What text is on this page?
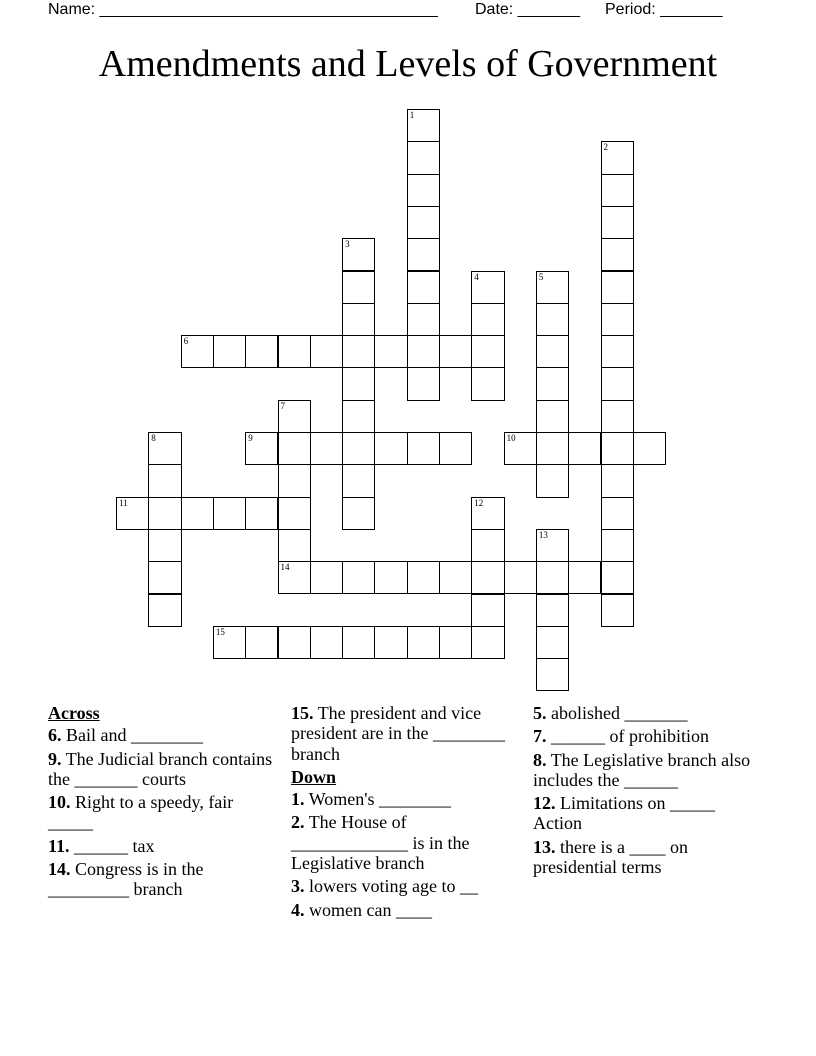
Name: ______________________________________

Date: _______

Period: _______

Amendments and Levels of Government
1
2
3
4	5
6
7
14
8	9	10
11	12
13
15
Across
6. Bail and ________
9. The Judicial branch contains the _______ courts
10. Right to a speedy, fair _____
11. ______ tax
14. Congress is in the _________ branch
15. The president and vice president are in the ________ branch
Down
1. Women's ________
2. The House of _____________ is in the Legislative branch
3. lowers voting age to __
4. women can ____
5. abolished _______
7. ______ of prohibition
8. The Legislative branch also includes the ______
12. Limitations on _____ Action
13. there is a ____ on presidential terms
